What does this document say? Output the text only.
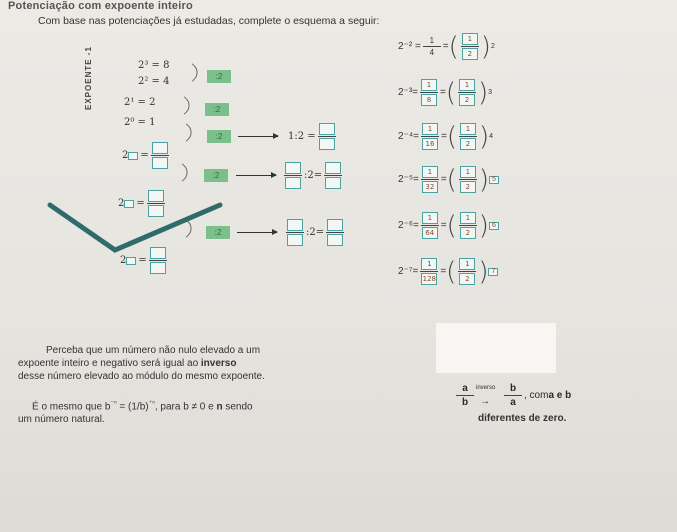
Potenciação com expoente inteiro
Com base nas potenciações já estudadas, complete o esquema a seguir:
EXPOENTE -1	2³ = 8
2² = 4
2¹ = 2
2⁰ = 1
:2
:2
:2
:2
:2
2 =
2 =
2 =
1:2 =
:2=
:2=
$2^{-2} = \frac{1}{4}$ = ( $\frac{1}{2}$ ) 2
$2^{-3}= \frac{1}{8}$ = ( $\frac{1}{2}$ ) 3
$2^{-4}= \frac{1}{16}$ = ( $\frac{1}{2}$ ) 4
$2^{-5}= \frac{1}{32}$ = ( $\frac{1}{2}$ ) 5
$2^{-6}= \frac{1}{64}$ = ( $\frac{1}{2}$ ) 6
$2^{-7}= \frac{1}{128}$ = ( $\frac{1}{2}$ ) 7
Perceba que um número não nulo elevado a um
expoente inteiro e negativo será igual ao inverso
desse número elevado ao módulo do mesmo expoente.
É o mesmo que $b^{^{-n}} = (1/b)^{^{+n}}$, para b ≠ 0 e n sendo
um número natural.
$\frac{a}{b}$ inverso
→ $\frac{b}{a}$ , com a e b
diferentes de zero.
